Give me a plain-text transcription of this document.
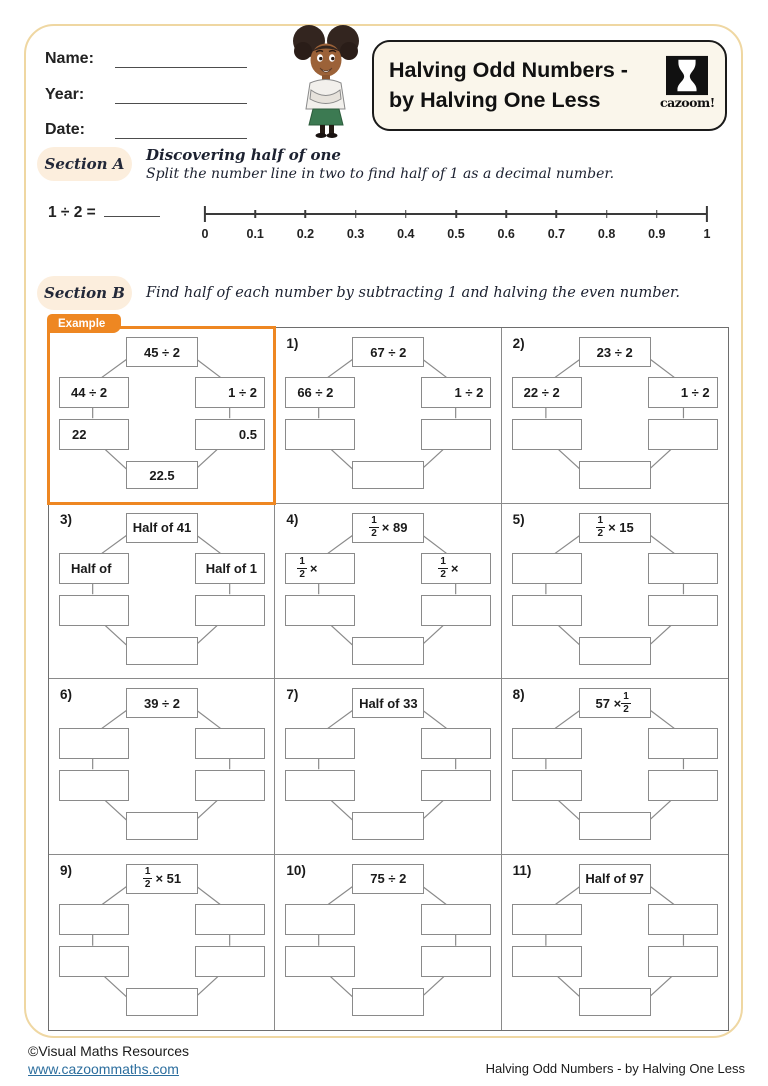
Name:
Year:
Date:
Halving Odd Numbers -
by Halving One Less	cazoom!
Section A	Discovering half of one
Split the number line in two to find half of 1 as a decimal number.
1 ÷ 2 =
0	0.1	0.2	0.3	0.4	0.5	0.6	0.7	0.8	0.9	1
Section B	Find half of each number by subtracting 1 and halving the even number.
Example
45 ÷ 2
44 ÷ 2	1 ÷ 2
22	0.5
22.5
1)
67 ÷ 2
66 ÷ 2	1 ÷ 2
2)
23 ÷ 2
22 ÷ 2	1 ÷ 2
3)
Half of 41
Half of	Half of 1
4)	$\frac{1}{2} \times 89$
$\frac{1}{2}$ ×	$\frac{1}{2}$ ×
5)	$\frac{1}{2} \times 15$
6)
39 ÷ 2
7)
Half of 33
8)
$57 \times \frac{1}{2}$
9)	$\frac{1}{2} \times 51$
10)
75 ÷ 2
11)
Half of 97
©Visual Maths Resources
www.cazoommaths.com	Halving Odd Numbers - by Halving One Less
